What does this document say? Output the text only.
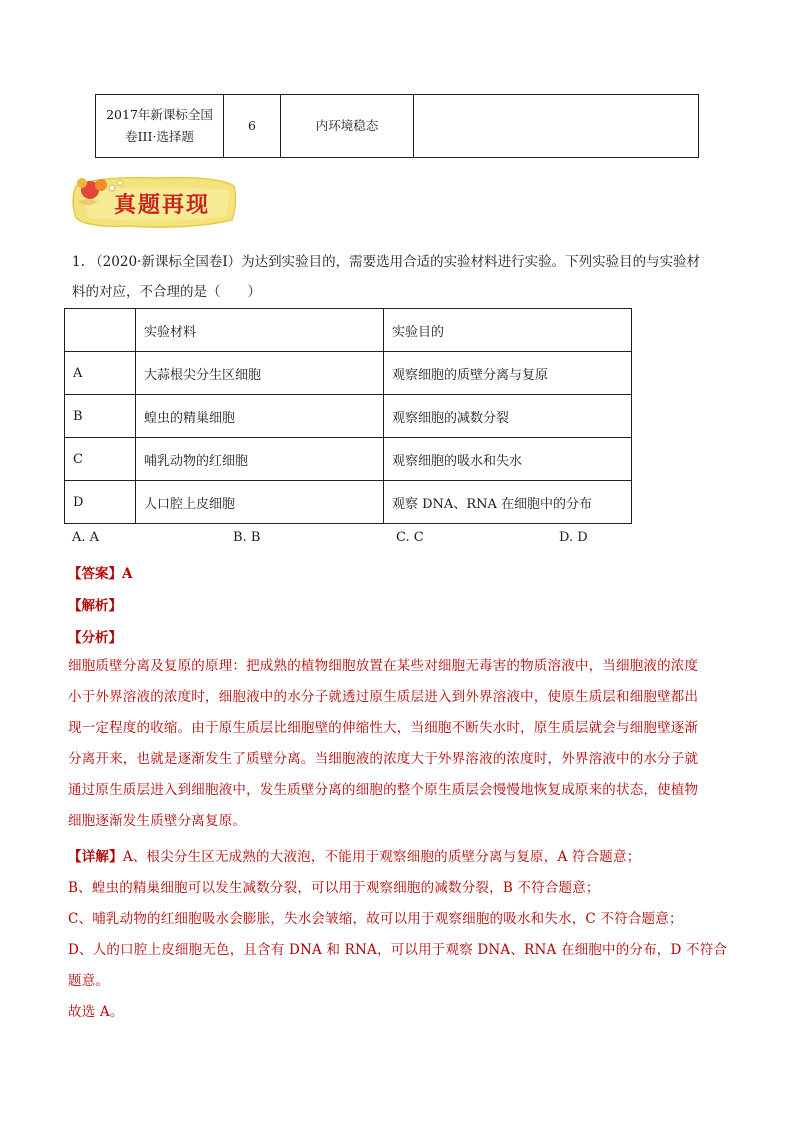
2017年新课标全国
卷III·选择题
	6	内环境稳态	
真题再现
1. （2020·新课标全国卷Ⅰ）为达到实验目的，需要选用合适的实验材料进行实验。下列实验目的与实验材
料的对应，不合理的是（　　）
	实验材料	实验目的
A	大蒜根尖分生区细胞	观察细胞的质壁分离与复原
B	蝗虫的精巢细胞	观察细胞的减数分裂
C	哺乳动物的红细胞	观察细胞的吸水和失水
D	人口腔上皮细胞	观察 DNA、RNA 在细胞中的分布
A. A	B. B	C. C	D. D
【答案】A
【解析】
【分析】
细胞质壁分离及复原的原理：把成熟的植物细胞放置在某些对细胞无毒害的物质溶液中，当细胞液的浓度
小于外界溶液的浓度时，细胞液中的水分子就透过原生质层进入到外界溶液中，使原生质层和细胞壁都出
现一定程度的收缩。由于原生质层比细胞壁的伸缩性大，当细胞不断失水时，原生质层就会与细胞壁逐渐
分离开来，也就是逐渐发生了质壁分离。当细胞液的浓度大于外界溶液的浓度时，外界溶液中的水分子就
通过原生质层进入到细胞液中，发生质壁分离的细胞的整个原生质层会慢慢地恢复成原来的状态，使植物
细胞逐渐发生质壁分离复原。
【详解】A、根尖分生区无成熟的大液泡，不能用于观察细胞的质壁分离与复原，A 符合题意；
B、蝗虫的精巢细胞可以发生减数分裂，可以用于观察细胞的减数分裂，B 不符合题意；
C、哺乳动物的红细胞吸水会膨胀，失水会皱缩，故可以用于观察细胞的吸水和失水，C 不符合题意；
D、人的口腔上皮细胞无色，且含有 DNA 和 RNA，可以用于观察 DNA、RNA 在细胞中的分布，D 不符合
题意。
故选 A。
